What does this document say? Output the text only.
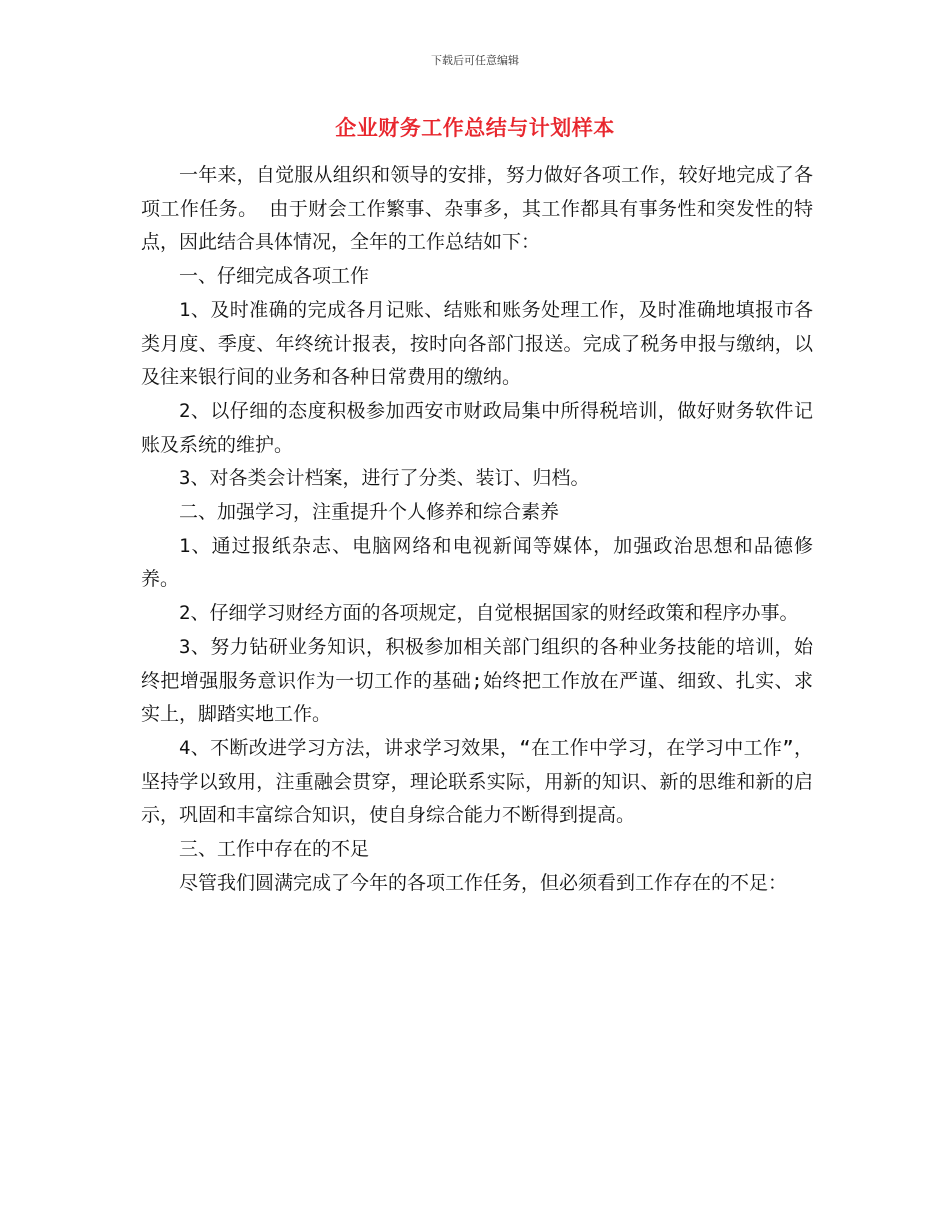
下载后可任意编辑
企业财务工作总结与计划样本

一年来，自觉服从组织和领导的安排，努力做好各项工作，较好地完成了各项工作任务。 由于财会工作繁事、杂事多，其工作都具有事务性和突发性的特点，因此结合具体情况，全年的工作总结如下：

一、仔细完成各项工作

1、及时准确的完成各月记账、结账和账务处理工作，及时准确地填报市各类月度、季度、年终统计报表，按时向各部门报送。完成了税务申报与缴纳，以及往来银行间的业务和各种日常费用的缴纳。

2、以仔细的态度积极参加西安市财政局集中所得税培训，做好财务软件记账及系统的维护。

3、对各类会计档案，进行了分类、装订、归档。

二、加强学习，注重提升个人修养和综合素养

1、通过报纸杂志、电脑网络和电视新闻等媒体，加强政治思想和品德修养。

2、仔细学习财经方面的各项规定，自觉根据国家的财经政策和程序办事。

3、努力钻研业务知识，积极参加相关部门组织的各种业务技能的培训，始终把增强服务意识作为一切工作的基础;始终把工作放在严谨、细致、扎实、求实上，脚踏实地工作。

4、不断改进学习方法，讲求学习效果，“在工作中学习，在学习中工作”，坚持学以致用，注重融会贯穿，理论联系实际，用新的知识、新的思维和新的启示，巩固和丰富综合知识，使自身综合能力不断得到提高。

三、工作中存在的不足

尽管我们圆满完成了今年的各项工作任务，但必须看到工作存在的不足：
